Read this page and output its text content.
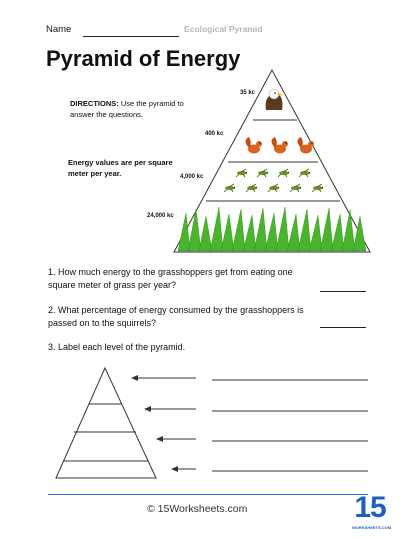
Name	Ecological Pyramid
Pyramid of Energy
DIRECTIONS: Use the pyramid to answer the questions.
Energy values are per square meter per year.
35 kc
400 kc
4,000 kc
24,000 kc
1. How much energy to the grasshoppers get from eating one square meter of grass per year?
2. What percentage of energy consumed by the grasshoppers is passed on to the squirrels?
3. Label each level of the pyramid.
© 15Worksheets.com	15
WORKSHEETS.COM
